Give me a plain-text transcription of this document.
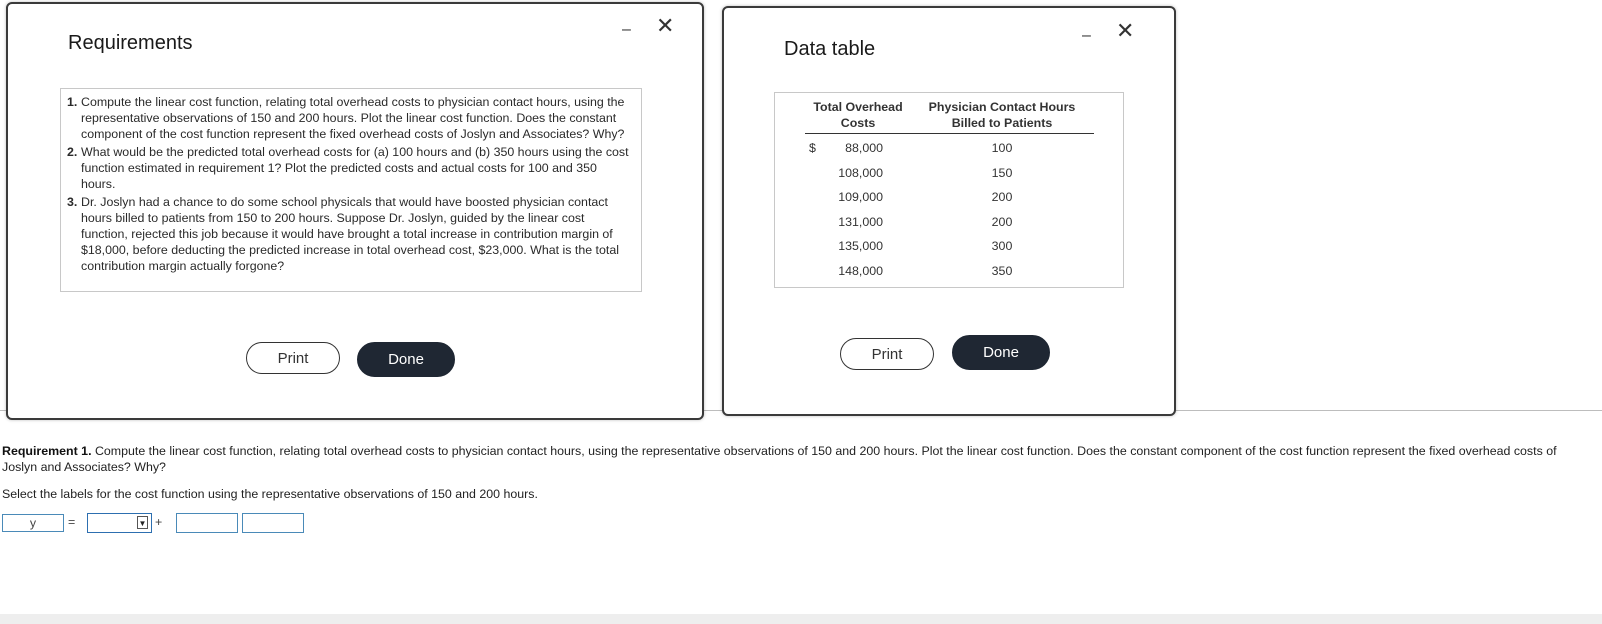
Requirements
– ✕
1. Compute the linear cost function, relating total overhead costs to physician contact hours, using the representative observations of 150 and 200 hours. Plot the linear cost function. Does the constant component of the cost function represent the fixed overhead costs of Joslyn and Associates? Why?
2. What would be the predicted total overhead costs for (a) 100 hours and (b) 350 hours using the cost function estimated in requirement 1? Plot the predicted costs and actual costs for 100 and 350 hours.
3. Dr. Joslyn had a chance to do some school physicals that would have boosted physician contact hours billed to patients from 150 to 200 hours. Suppose Dr. Joslyn, guided by the linear cost function, rejected this job because it would have brought a total increase in contribution margin of $18,000, before deducting the predicted increase in total overhead cost, $23,000. What is the total contribution margin actually forgone?
Print	Done
Data table
– ✕
Total Overhead Costs
Physician Contact Hours Billed to Patients
$	88,000	100
108,000	150
109,000	200
131,000	200
135,000	300
148,000	350
Print	Done
Requirement 1. Compute the linear cost function, relating total overhead costs to physician contact hours, using the representative observations of 150 and 200 hours. Plot the linear cost function. Does the constant component of the cost function represent the fixed overhead costs of Joslyn and Associates? Why?
Select the labels for the cost function using the representative observations of 150 and 200 hours.
y	=	▼ +
